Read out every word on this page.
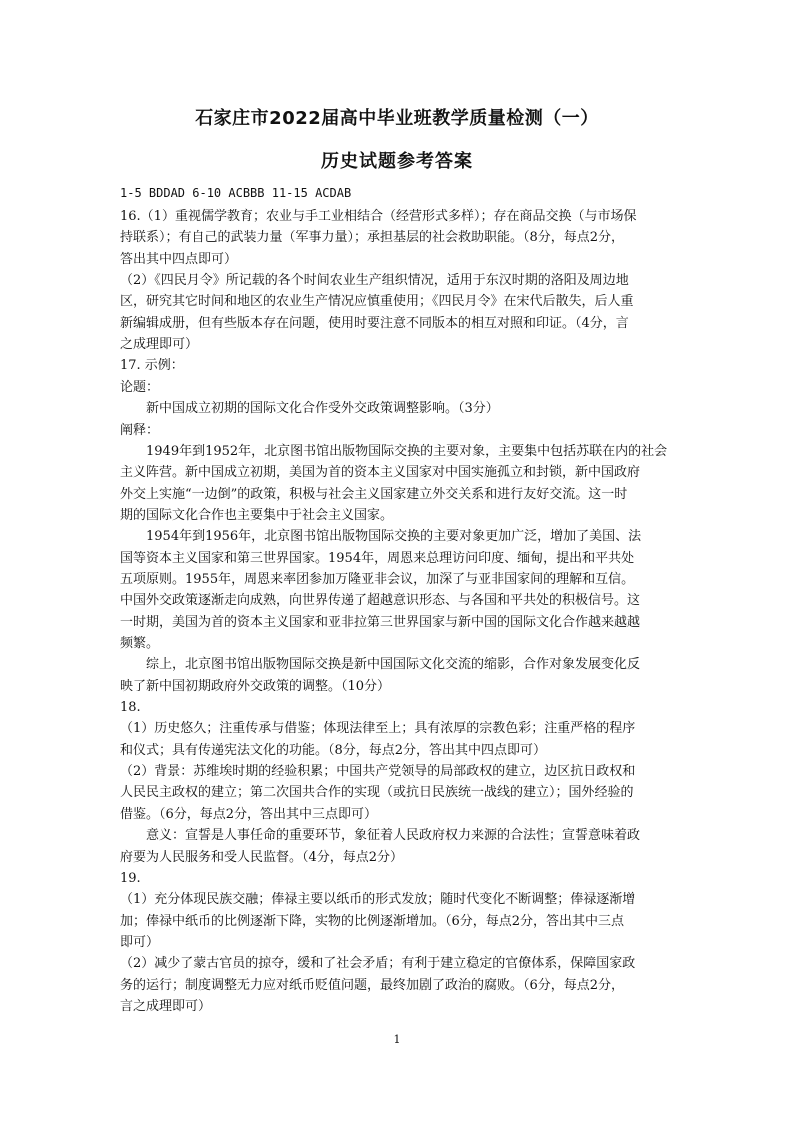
石家庄市2022届高中毕业班教学质量检测（一）
历史试题参考答案
1-5 BDDAD 6-10 ACBBB 11-15 ACDAB
16.（1）重视儒学教育；农业与手工业相结合（经营形式多样）；存在商品交换（与市场保
持联系）；有自己的武装力量（军事力量）；承担基层的社会救助职能。（8分，每点2分，
答出其中四点即可）
（2）《四民月令》所记载的各个时间农业生产组织情况，适用于东汉时期的洛阳及周边地
区，研究其它时间和地区的农业生产情况应慎重使用；《四民月令》在宋代后散失，后人重
新编辑成册，但有些版本存在问题，使用时要注意不同版本的相互对照和印证。（4分，言
之成理即可）
17. 示例：
论题：
　　新中国成立初期的国际文化合作受外交政策调整影响。（3分）
阐释：
　　1949年到1952年，北京图书馆出版物国际交换的主要对象，主要集中包括苏联在内的社会
主义阵营。新中国成立初期，美国为首的资本主义国家对中国实施孤立和封锁，新中国政府
外交上实施“一边倒”的政策，积极与社会主义国家建立外交关系和进行友好交流。这一时
期的国际文化合作也主要集中于社会主义国家。
　　1954年到1956年，北京图书馆出版物国际交换的主要对象更加广泛，增加了美国、法
国等资本主义国家和第三世界国家。1954年，周恩来总理访问印度、缅甸，提出和平共处
五项原则。1955年，周恩来率团参加万隆亚非会议，加深了与亚非国家间的理解和互信。
中国外交政策逐渐走向成熟，向世界传递了超越意识形态、与各国和平共处的积极信号。这
一时期，美国为首的资本主义国家和亚非拉第三世界国家与新中国的国际文化合作越来越越
频繁。
　　综上，北京图书馆出版物国际交换是新中国国际文化交流的缩影，合作对象发展变化反
映了新中国初期政府外交政策的调整。（10分）
18.
（1）历史悠久；注重传承与借鉴；体现法律至上；具有浓厚的宗教色彩；注重严格的程序
和仪式；具有传递宪法文化的功能。（8分，每点2分，答出其中四点即可）
（2）背景：苏维埃时期的经验积累；中国共产党领导的局部政权的建立，边区抗日政权和
人民民主政权的建立；第二次国共合作的实现（或抗日民族统一战线的建立）；国外经验的
借鉴。（6分，每点2分，答出其中三点即可）
　　意义：宣誓是人事任命的重要环节，象征着人民政府权力来源的合法性；宣誓意味着政
府要为人民服务和受人民监督。（4分，每点2分）
19.
（1）充分体现民族交融；俸禄主要以纸币的形式发放；随时代变化不断调整；俸禄逐渐增
加；俸禄中纸币的比例逐渐下降，实物的比例逐渐增加。（6分，每点2分，答出其中三点
即可）
（2）减少了蒙古官员的掠夺，缓和了社会矛盾；有利于建立稳定的官僚体系，保障国家政
务的运行；制度调整无力应对纸币贬值问题，最终加剧了政治的腐败。（6分，每点2分，
言之成理即可）
1
